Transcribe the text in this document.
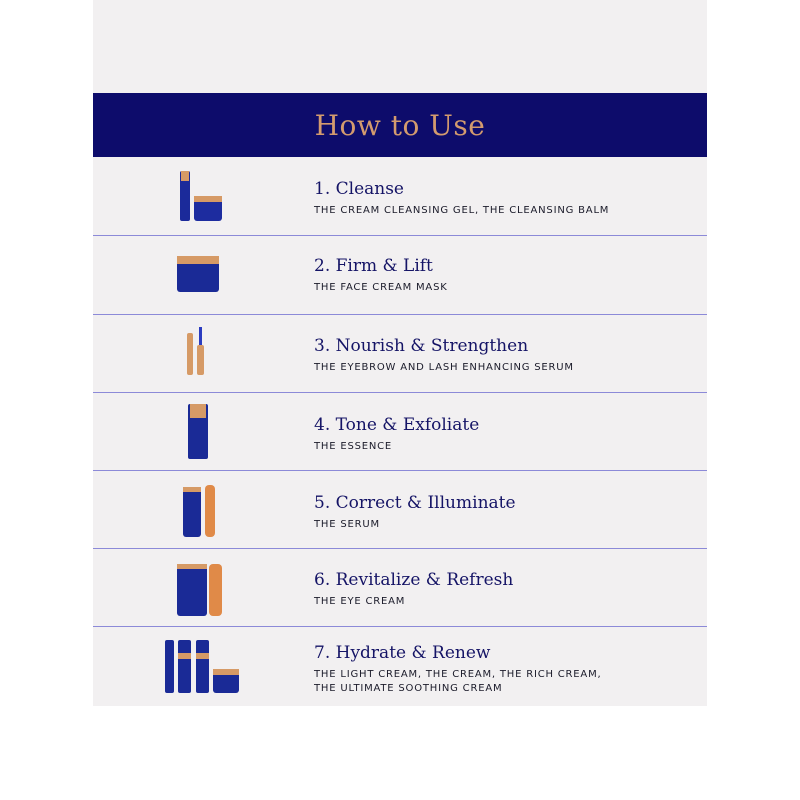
How to Use
1. Cleanse
THE CREAM CLEANSING GEL, THE CLEANSING BALM
2. Firm & Lift
THE FACE CREAM MASK
3. Nourish & Strengthen
THE EYEBROW AND LASH ENHANCING SERUM
4. Tone & Exfoliate
THE ESSENCE
5. Correct & Illuminate
THE SERUM
6. Revitalize & Refresh
THE EYE CREAM
7. Hydrate & Renew
THE LIGHT CREAM, THE CREAM, THE RICH CREAM,
THE ULTIMATE SOOTHING CREAM
